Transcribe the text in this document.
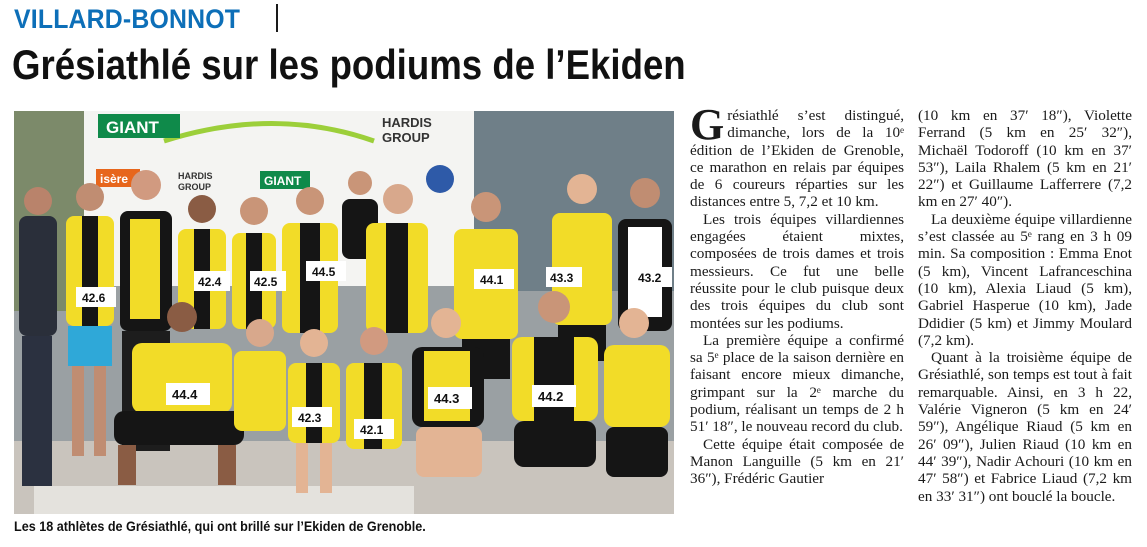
VILLARD-BONNOT
Grésiathlé sur les podiums de l’Ekiden
GIANT	HARDIS
GROUP
isère	HARDIS
GROUP	GIANT
42.6
42.4	42.5
44.5
44.1	43.3	43.2
44.4
42.3
42.1
44.3	44.2
Les 18 athlètes de Grésiathlé, qui ont brillé sur l’Ekiden de Grenoble.

Grésiathlé s’est distingué, dimanche, lors de la 10ᵉ édition de l’Ekiden de Grenoble, ce marathon en relais par équipes de 6 coureurs réparties sur les distances entre 5, 7,2 et 10 km.

Les trois équipes villardiennes engagées étaient mixtes, composées de trois dames et trois messieurs. Ce fut une belle réussite pour le club puisque deux des trois équipes du club sont montées sur les podiums.

La première équipe a confirmé sa 5ᵉ place de la saison dernière en faisant encore mieux dimanche, grimpant sur la 2ᵉ marche du podium, réalisant un temps de 2 h 51′ 18″, le nouveau record du club.

Cette équipe était composée de Manon Languille (5 km en 21′ 36″), Frédéric Gautier

(10 km en 37′ 18″), Violette Ferrand (5 km en 25′ 32″), Michaël Todoroff (10 km en 37′ 53″), Laila Rhalem (5 km en 21′ 22″) et Guillaume Lafferrere (7,2 km en 27′ 40″).

La deuxième équipe villardienne s’est classée au 5ᵉ rang en 3 h 09 min. Sa composition : Emma Enot (5 km), Vincent Lafranceschina (10 km), Alexia Liaud (5 km), Gabriel Hasperue (10 km), Jade Ddidier (5 km) et Jimmy Moulard (7,2 km).

Quant à la troisième équipe de Grésiathlé, son temps est tout à fait remarquable. Ainsi, en 3 h 22, Valérie Vigneron (5 km en 24′ 59″), Angélique Riaud (5 km en 26′ 09″), Julien Riaud (10 km en 44′ 39″), Nadir Achouri (10 km en 47′ 58″) et Fabrice Liaud (7,2 km en 33′ 31″) ont bouclé la boucle.
